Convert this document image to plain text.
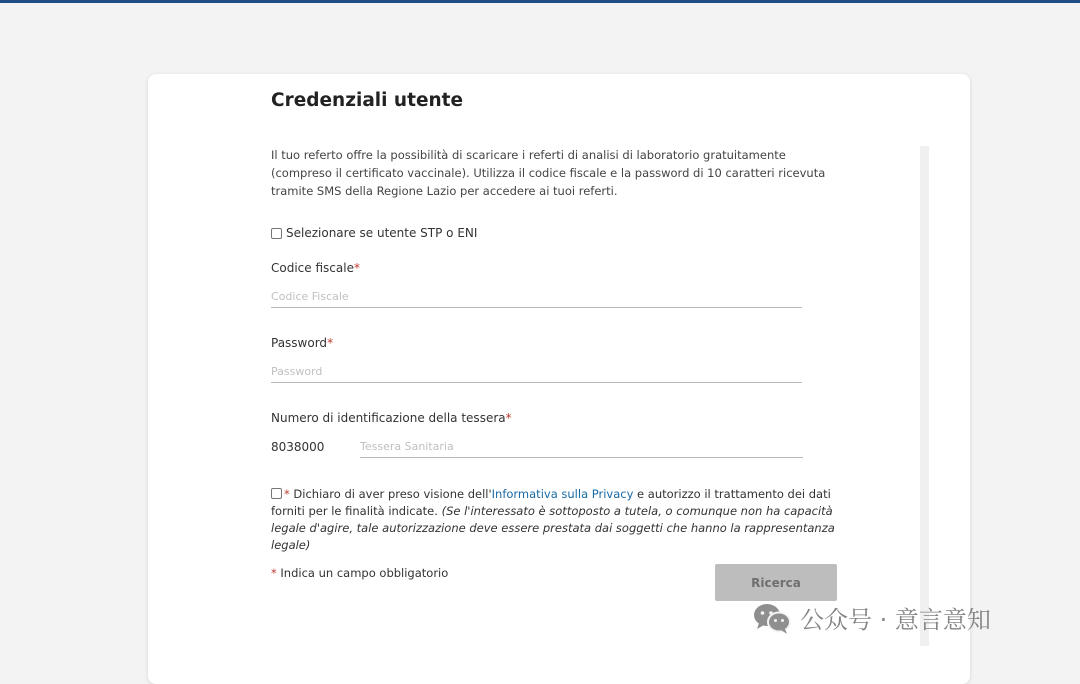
Credenziali utente

Il tuo referto offre la possibilità di scaricare i referti di analisi di laboratorio gratuitamente (compreso il certificato vaccinale). Utilizza il codice fiscale e la password di 10 caratteri ricevuta tramite SMS della Regione Lazio per accedere ai tuoi referti.

Selezionare se utente STP o ENI
Codice fiscale*
Codice Fiscale
Password*
Numero di identificazione della tessera*
8038000
Tessera Sanitaria

* Dichiaro di aver preso visione dell'Informativa sulla Privacy e autorizzo il trattamento dei dati forniti per le finalità indicate. (Se l'interessato è sottoposto a tutela, o comunque non ha capacità legale d'agire, tale autorizzazione deve essere prestata dai soggetti che hanno la rappresentanza legale)

* Indica un campo obbligatorio
Ricerca
公众号 · 意言意知
